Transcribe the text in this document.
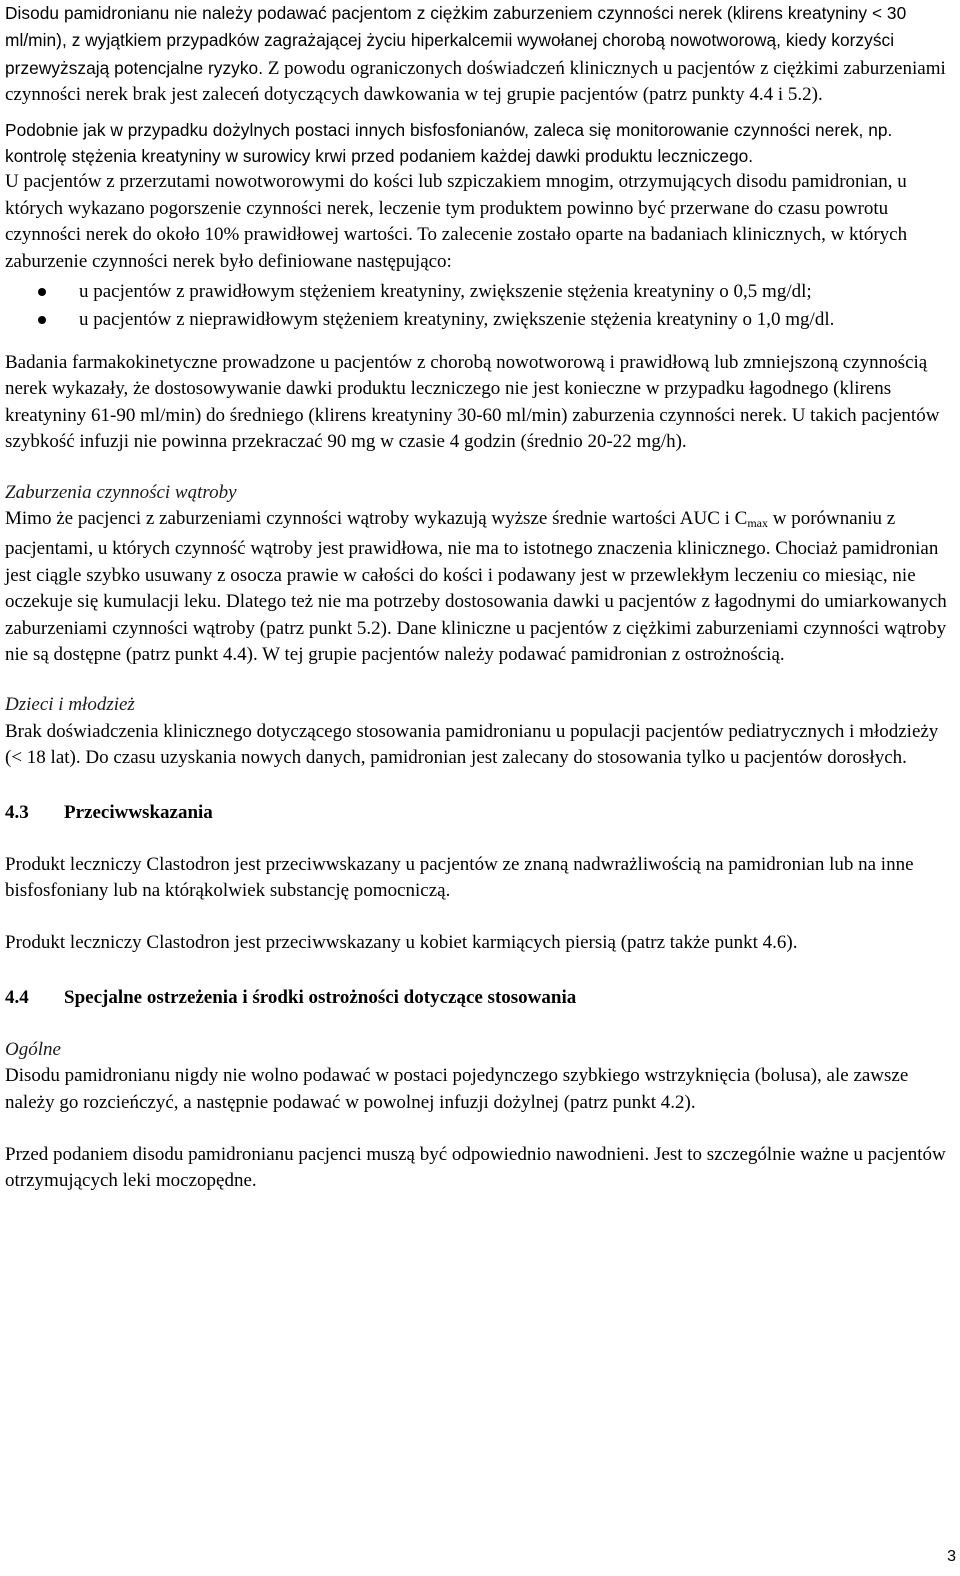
Disodu pamidronianu nie należy podawać pacjentom z ciężkim zaburzeniem czynności nerek (klirens kreatyniny < 30 ml/min), z wyjątkiem przypadków zagrażającej życiu hiperkalcemii wywołanej chorobą nowotworową, kiedy korzyści przewyższają potencjalne ryzyko. Z powodu ograniczonych doświadczeń klinicznych u pacjentów z ciężkimi zaburzeniami czynności nerek brak jest zaleceń dotyczących dawkowania w tej grupie pacjentów (patrz punkty 4.4 i 5.2).

Podobnie jak w przypadku dożylnych postaci innych bisfosfonianów, zaleca się monitorowanie czynności nerek, np. kontrolę stężenia kreatyniny w surowicy krwi przed podaniem każdej dawki produktu leczniczego.

U pacjentów z przerzutami nowotworowymi do kości lub szpiczakiem mnogim, otrzymujących disodu pamidronian, u których wykazano pogorszenie czynności nerek, leczenie tym produktem powinno być przerwane do czasu powrotu czynności nerek do około 10% prawidłowej wartości. To zalecenie zostało oparte na badaniach klinicznych, w których zaburzenie czynności nerek było definiowane następująco:

u pacjentów z prawidłowym stężeniem kreatyniny, zwiększenie stężenia kreatyniny o 0,5 mg/dl;
u pacjentów z nieprawidłowym stężeniem kreatyniny, zwiększenie stężenia kreatyniny o 1,0 mg/dl.

Badania farmakokinetyczne prowadzone u pacjentów z chorobą nowotworową i prawidłową lub zmniejszoną czynnością nerek wykazały, że dostosowywanie dawki produktu leczniczego nie jest konieczne w przypadku łagodnego (klirens kreatyniny 61-90 ml/min) do średniego (klirens kreatyniny 30-60 ml/min) zaburzenia czynności nerek. U takich pacjentów szybkość infuzji nie powinna przekraczać 90 mg w czasie 4 godzin (średnio 20-22 mg/h).

Zaburzenia czynności wątroby

Mimo że pacjenci z zaburzeniami czynności wątroby wykazują wyższe średnie wartości AUC i $C_{max}$ w porównaniu z pacjentami, u których czynność wątroby jest prawidłowa, nie ma to istotnego znaczenia klinicznego. Chociaż pamidronian jest ciągle szybko usuwany z osocza prawie w całości do kości i podawany jest w przewlekłym leczeniu co miesiąc, nie oczekuje się kumulacji leku. Dlatego też nie ma potrzeby dostosowania dawki u pacjentów z łagodnymi do umiarkowanych zaburzeniami czynności wątroby (patrz punkt 5.2). Dane kliniczne u pacjentów z ciężkimi zaburzeniami czynności wątroby nie są dostępne (patrz punkt 4.4). W tej grupie pacjentów należy podawać pamidronian z ostrożnością.

Dzieci i młodzież

Brak doświadczenia klinicznego dotyczącego stosowania pamidronianu u populacji pacjentów pediatrycznych i młodzieży (< 18 lat). Do czasu uzyskania nowych danych, pamidronian jest zalecany do stosowania tylko u pacjentów dorosłych.

4.3 Przeciwwskazania

Produkt leczniczy Clastodron jest przeciwwskazany u pacjentów ze znaną nadwrażliwością na pamidronian lub na inne bisfosfoniany lub na którąkolwiek substancję pomocniczą.

Produkt leczniczy Clastodron jest przeciwwskazany u kobiet karmiących piersią (patrz także punkt 4.6).

4.4 Specjalne ostrzeżenia i środki ostrożności dotyczące stosowania

Ogólne

Disodu pamidronianu nigdy nie wolno podawać w postaci pojedynczego szybkiego wstrzyknięcia (bolusa), ale zawsze należy go rozcieńczyć, a następnie podawać w powolnej infuzji dożylnej (patrz punkt 4.2).

Przed podaniem disodu pamidronianu pacjenci muszą być odpowiednio nawodnieni. Jest to szczególnie ważne u pacjentów otrzymujących leki moczopędne.

3
